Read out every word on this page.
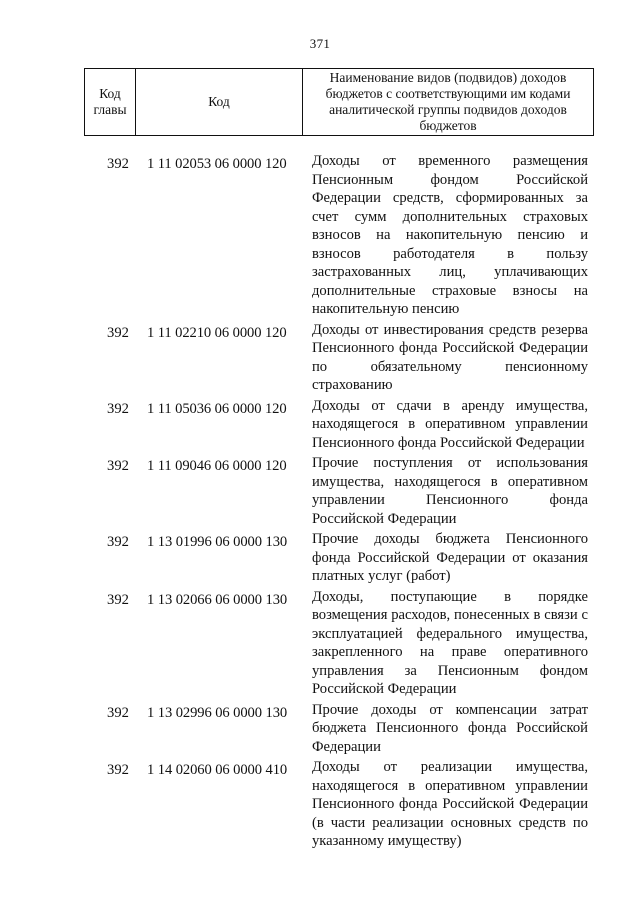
371
Код главы	Код	Наименование видов (подвидов) доходов бюджетов с соответствующими им кодами аналитической группы подвидов доходов бюджетов
392	1 11 02053 06 0000 120	Доходы от временного размещения Пенсионным фондом Российской Федерации средств, сформированных за счет сумм дополнительных страховых взносов на накопительную пенсию и взносов работодателя в пользу застрахованных лиц, уплачивающих дополнительные страховые взносы на накопительную пенсию
392	1 11 02210 06 0000 120	Доходы от инвестирования средств резерва Пенсионного фонда Российской Федерации по обязательному пенсионному страхованию
392	1 11 05036 06 0000 120	Доходы от сдачи в аренду имущества, находящегося в оперативном управлении Пенсионного фонда Российской Федерации
392	1 11 09046 06 0000 120	Прочие поступления от использования имущества, находящегося в оперативном управлении Пенсионного фонда Российской Федерации
392	1 13 01996 06 0000 130	Прочие доходы бюджета Пенсионного фонда Российской Федерации от оказания платных услуг (работ)
392	1 13 02066 06 0000 130	Доходы, поступающие в порядке возмещения расходов, понесенных в связи с эксплуатацией федерального имущества, закрепленного на праве оперативного управления за Пенсионным фондом Российской Федерации
392	1 13 02996 06 0000 130	Прочие доходы от компенсации затрат бюджета Пенсионного фонда Российской Федерации
392	1 14 02060 06 0000 410	Доходы от реализации имущества, находящегося в оперативном управлении Пенсионного фонда Российской Федерации (в части реализации основных средств по указанному имуществу)
